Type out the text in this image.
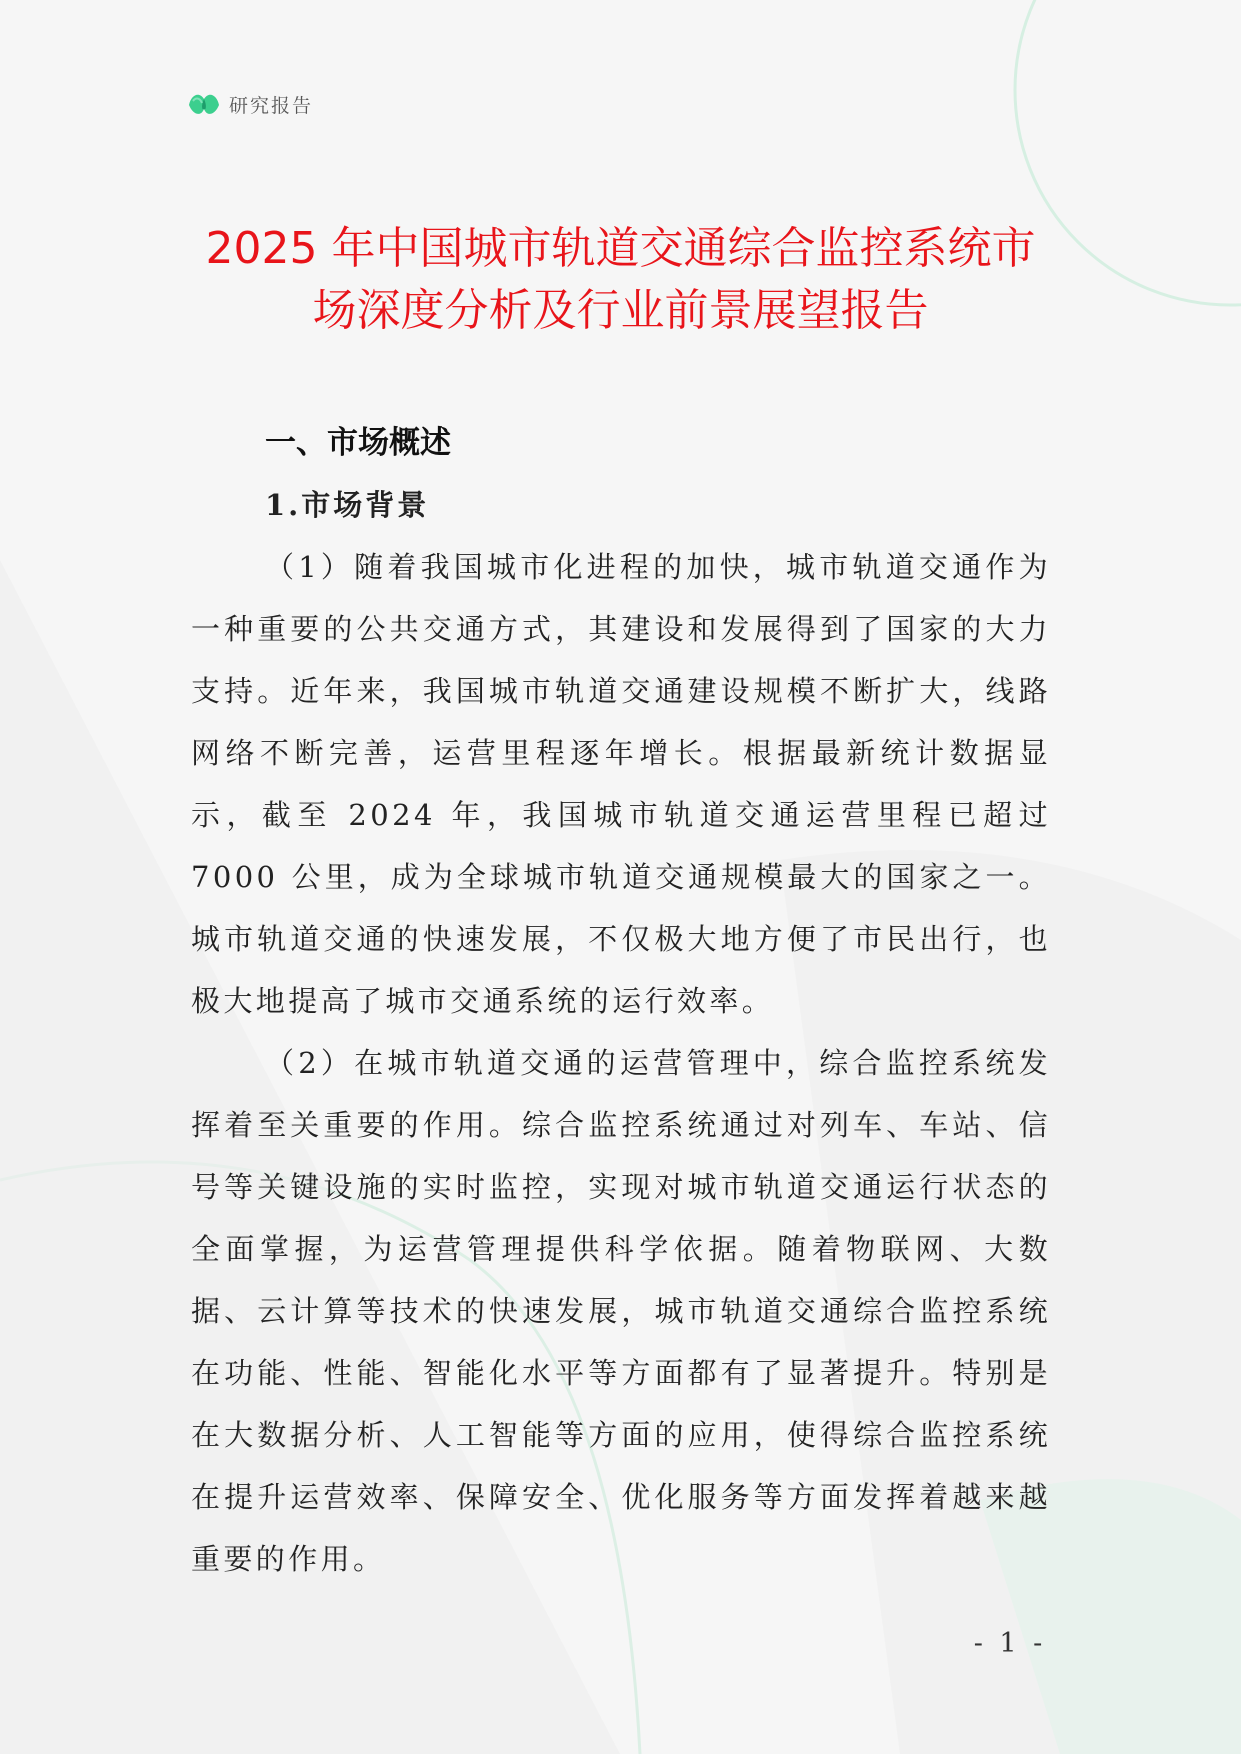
研究报告
2025 年中国城市轨道交通综合监控系统市
场深度分析及行业前景展望报告
一、市场概述
1.市场背景

（1）随着我国城市化进程的加快，城市轨道交通作为一种重要的公共交通方式，其建设和发展得到了国家的大力支持。近年来，我国城市轨道交通建设规模不断扩大，线路网络不断完善，运营里程逐年增长。根据最新统计数据显示，截至 2024 年，我国城市轨道交通运营里程已超过 7000 公里，成为全球城市轨道交通规模最大的国家之一。城市轨道交通的快速发展，不仅极大地方便了市民出行，也极大地提高了城市交通系统的运行效率。

（2）在城市轨道交通的运营管理中，综合监控系统发挥着至关重要的作用。综合监控系统通过对列车、车站、信号等关键设施的实时监控，实现对城市轨道交通运行状态的全面掌握，为运营管理提供科学依据。随着物联网、大数据、云计算等技术的快速发展，城市轨道交通综合监控系统在功能、性能、智能化水平等方面都有了显著提升。特别是在大数据分析、人工智能等方面的应用，使得综合监控系统在提升运营效率、保障安全、优化服务等方面发挥着越来越重要的作用。

- 1 -
